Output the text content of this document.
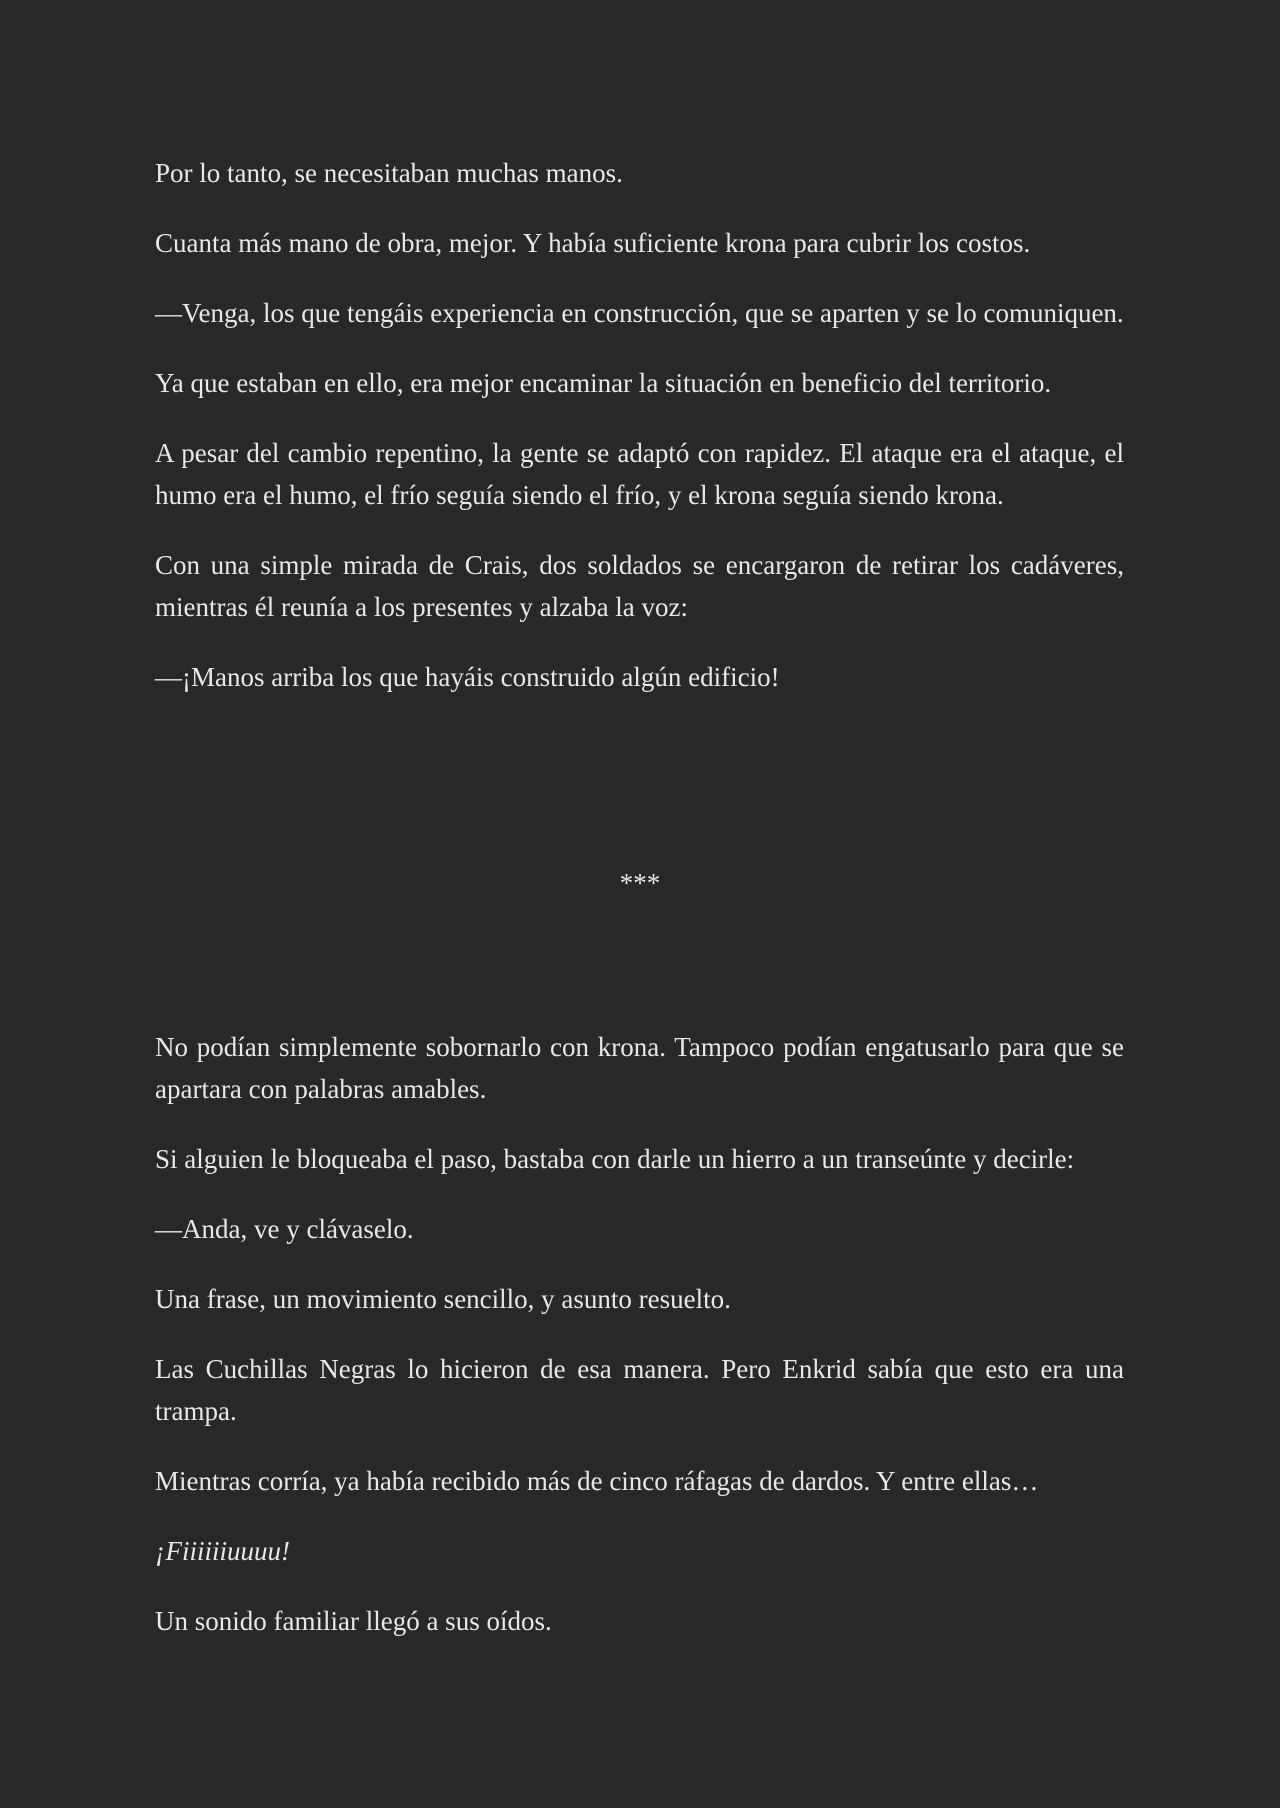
Por lo tanto, se necesitaban muchas manos.

Cuanta más mano de obra, mejor. Y había suficiente krona para cubrir los costos.

—Venga, los que tengáis experiencia en construcción, que se aparten y se lo comuniquen.

Ya que estaban en ello, era mejor encaminar la situación en beneficio del territorio.

A pesar del cambio repentino, la gente se adaptó con rapidez. El ataque era el ataque, el humo era el humo, el frío seguía siendo el frío, y el krona seguía siendo krona.

Con una simple mirada de Crais, dos soldados se encargaron de retirar los cadáveres, mientras él reunía a los presentes y alzaba la voz:

—¡Manos arriba los que hayáis construido algún edificio!

***

No podían simplemente sobornarlo con krona. Tampoco podían engatusarlo para que se apartara con palabras amables.

Si alguien le bloqueaba el paso, bastaba con darle un hierro a un transeúnte y decirle:

—Anda, ve y clávaselo.

Una frase, un movimiento sencillo, y asunto resuelto.

Las Cuchillas Negras lo hicieron de esa manera. Pero Enkrid sabía que esto era una trampa.

Mientras corría, ya había recibido más de cinco ráfagas de dardos. Y entre ellas…

¡Fiiiiiiuuuu!

Un sonido familiar llegó a sus oídos.
